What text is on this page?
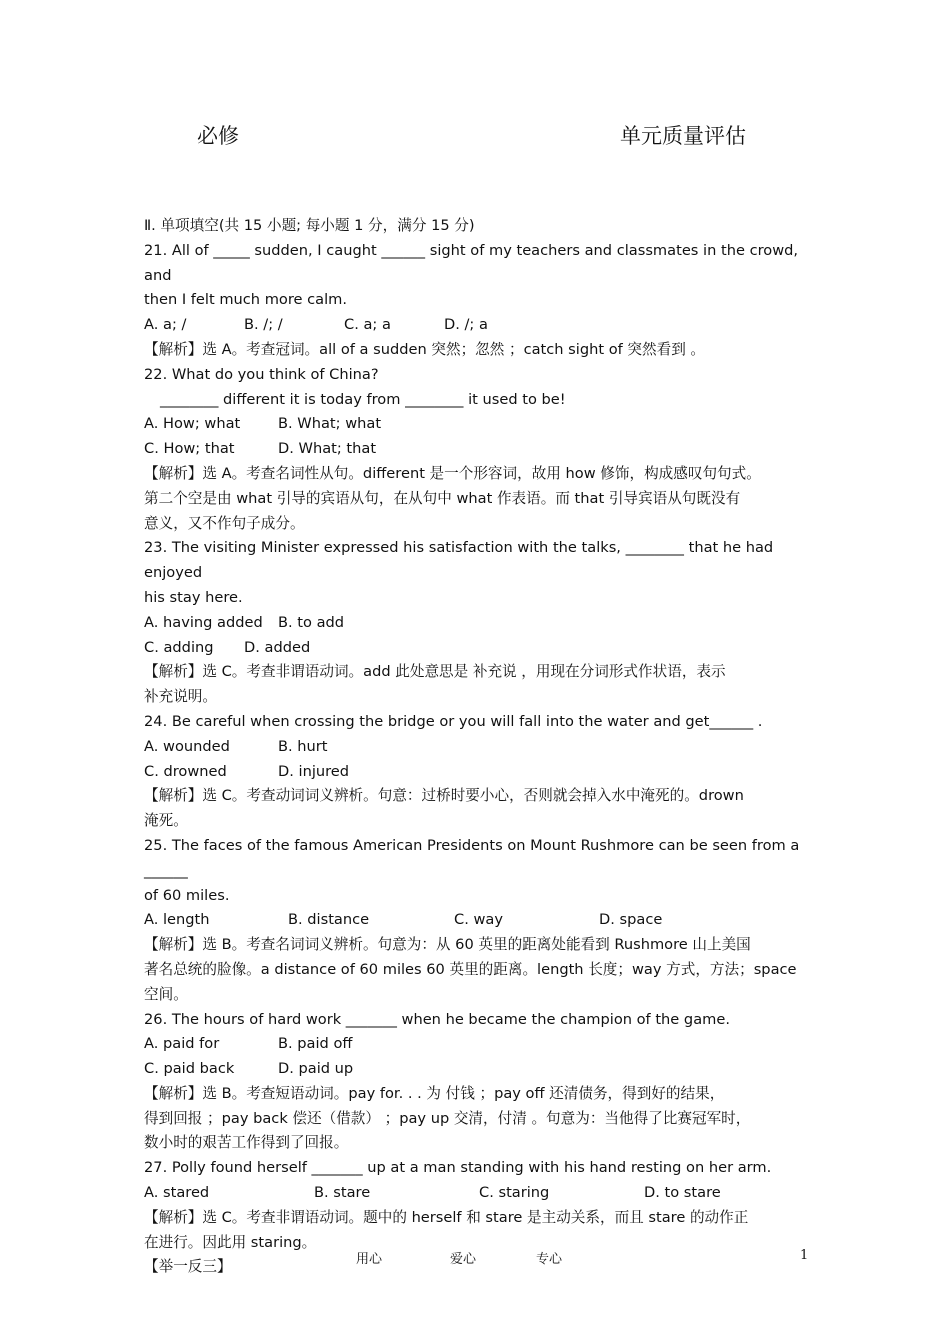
必修	单元质量评估

Ⅱ. 单项填空(共 15 小题; 每小题 1 分，满分 15 分)

21. All of _____ sudden, I caught ______ sight of my teachers and classmates in the crowd, and

then I felt much more calm.

A. a; /	B. /; /	C. a; a	D. /; a

【解析】选 A。考查冠词。all of a sudden 突然；忽然 ；catch sight of 突然看到 。

22. What do you think of China?

________ different it is today from ________ it used to be!

A. How; what	B. What; what

C. How; that	D. What; that

【解析】选 A。考查名词性从句。different 是一个形容词，故用 how 修饰，构成感叹句句式。

第二个空是由 what 引导的宾语从句，在从句中 what 作表语。而 that 引导宾语从句既没有

意义，又不作句子成分。

23. The visiting Minister expressed his satisfaction with the talks, ________ that he had enjoyed

his stay here.

A. having added	B. to add

C. adding	D. added

【解析】选 C。考查非谓语动词。add 此处意思是 补充说 ，用现在分词形式作状语，表示

补充说明。

24. Be careful when crossing the bridge or you will fall into the water and get______ .

A. wounded	B. hurt

C. drowned	D. injured

【解析】选 C。考查动词词义辨析。句意：过桥时要小心，否则就会掉入水中淹死的。drown

淹死。

25. The faces of the famous American Presidents on Mount Rushmore can be seen from a ______

of 60 miles.

A. length	B. distance	C. way	D. space

【解析】选 B。考查名词词义辨析。句意为：从 60 英里的距离处能看到 Rushmore 山上美国

著名总统的脸像。a distance of 60 miles 60 英里的距离。length 长度；way 方式，方法；space

空间。

26. The hours of hard work _______ when he became the champion of the game.

A. paid for	B. paid off

C. paid back	D. paid up

【解析】选 B。考查短语动词。pay for. . . 为 付钱 ；pay off 还清债务，得到好的结果，

得到回报 ；pay back 偿还（借款） ；pay up 交清，付清 。句意为：当他得了比赛冠军时，

数小时的艰苦工作得到了回报。

27. Polly found herself _______ up at a man standing with his hand resting on her arm.

A. stared	B. stare	C. staring	D. to stare

【解析】选 C。考查非谓语动词。题中的 herself 和 stare 是主动关系，而且 stare 的动作正

在进行。因此用 staring。

【举一反三】	用心	爱心	专心	1
